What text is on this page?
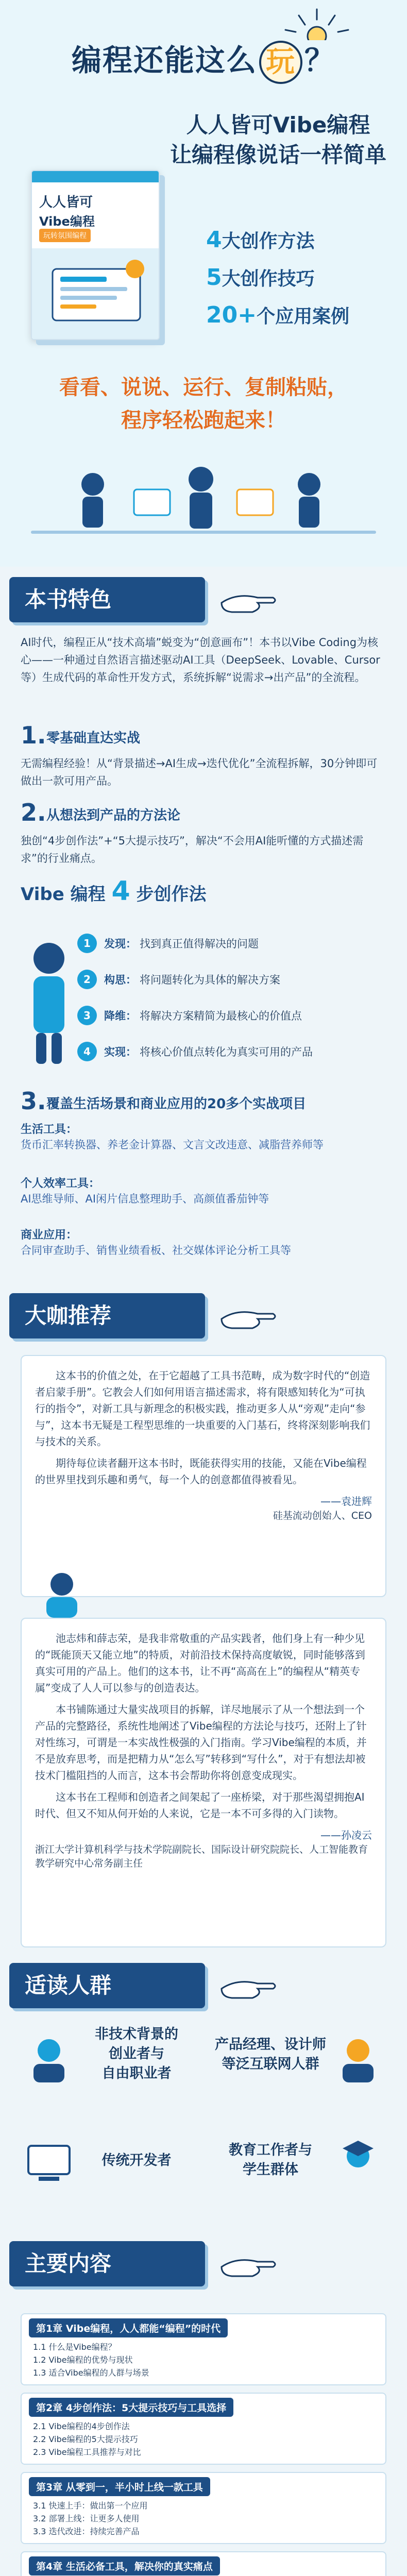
编程还能这么 玩 ？
人人皆可Vibe编程
让编程像说话一样简单
人人皆可
Vibe编程
玩转氛围编程	4大创作方法
5大创作技巧
20+个应用案例
看看、说说、运行、复制粘贴，
程序轻松跑起来！
本书特色
AI时代，编程正从“技术高墙”蜕变为“创意画布”！本书以Vibe Coding为核心——一种通过自然语言描述驱动AI工具（DeepSeek、Lovable、Cursor等）生成代码的革命性开发方式，系统拆解“说需求→出产品”的全流程。
1. 零基础直达实战
无需编程经验！从“背景描述→AI生成→迭代优化”全流程拆解，30分钟即可做出一款可用产品。
2. 从想法到产品的方法论
独创“4步创作法”+“5大提示技巧”，解决“不会用AI能听懂的方式描述需求”的行业痛点。
Vibe 编程 4 步创作法
1	发现： 找到真正值得解决的问题
2	构思： 将问题转化为具体的解决方案
3	降维： 将解决方案精简为最核心的价值点
4	实现： 将核心价值点转化为真实可用的产品
3. 覆盖生活场景和商业应用的20多个实战项目
生活工具：
货币汇率转换器、养老金计算器、文言文改违意、减脂营养师等
个人效率工具：
AI思维导师、AI闲片信息整理助手、高颜值番茄钟等
商业应用：
合同审查助手、销售业绩看板、社交媒体评论分析工具等
大咖推荐

这本书的价值之处，在于它超越了工具书范畴，成为数字时代的“创造者启蒙手册”。它教会人们如何用语言描述需求，将有限感知转化为“可执行的指令”，对新工具与新理念的积极实践，推动更多人从“旁观”走向“参与”，这本书无疑是工程型思维的一块重要的入门基石，终将深刻影响我们与技术的关系。

期待每位读者翻开这本书时，既能获得实用的技能，又能在Vibe编程的世界里找到乐趣和勇气，每一个人的创意都值得被看见。

——袁进辉
硅基流动创始人、CEO

池志炜和薛志荣，是我非常敬重的产品实践者，他们身上有一种少见的“既能顶天又能立地”的特质，对前沿技术保持高度敏锐，同时能够落到真实可用的产品上。他们的这本书，让不再“高高在上”的编程从“精英专属”变成了人人可以参与的创造表达。

本书铺陈通过大量实战项目的拆解，详尽地展示了从一个想法到一个产品的完整路径，系统性地阐述了Vibe编程的方法论与技巧，还附上了针对性练习，可谓是一本实战性极强的入门指南。学习Vibe编程的本质，并不是放弃思考，而是把精力从“怎么写”转移到“写什么”，对于有想法却被技术门槛阻挡的人而言，这本书会帮助你将创意变成现实。

这本书在工程师和创造者之间架起了一座桥梁，对于那些渴望拥抱AI时代、但又不知从何开始的人来说，它是一本不可多得的入门读物。

——孙凌云
浙江大学计算机科学与技术学院副院长、国际设计研究院院长、人工智能教育教学研究中心常务副主任
适读人群
非技术背景的
创业者与
自由职业者
产品经理、设计师
等泛互联网人群
传统开发者
教育工作者与
学生群体
主要内容
第1章 Vibe编程，人人都能“编程”的时代
1.1 什么是Vibe编程？
1.2 Vibe编程的优势与现状
1.3 适合Vibe编程的人群与场景
第2章 4步创作法：5大提示技巧与工具选择
2.1 Vibe编程的4步创作法
2.2 Vibe编程的5大提示技巧
2.3 Vibe编程工具推荐与对比
第3章 从零到一，半小时上线一款工具
3.1 快速上手：做出第一个应用
3.2 部署上线：让更多人使用
3.3 迭代改进：持续完善产品
第4章 生活必备工具，解决你的真实痛点
